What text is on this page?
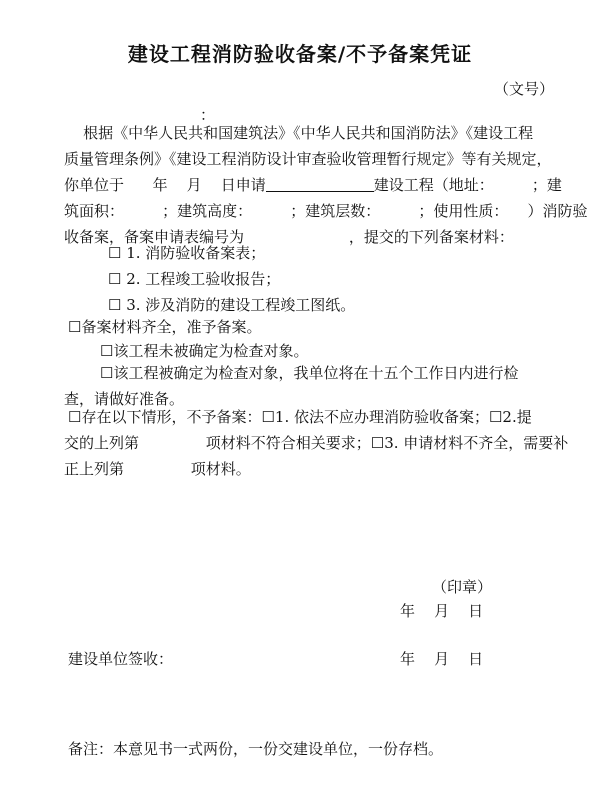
建设工程消防验收备案/不予备案凭证
（文号）
：
根据《中华人民共和国建筑法》《中华人民共和国消防法》《建设工程
质量管理条例》《建设工程消防设计审查验收管理暂行规定》等有关规定，
你单位于      年    月    日申请	建设工程（地址：        ；建
筑面积：        ；建筑高度：        ；建筑层数：        ；使用性质：    ）消防验
收备案，备案申请表编号为                      ，提交的下列备案材料：
☐ 1. 消防验收备案表；
☐ 2. 工程竣工验收报告；
☐ 3. 涉及消防的建设工程竣工图纸。
☐备案材料齐全，准予备案。
☐该工程未被确定为检查对象。
☐该工程被确定为检查对象，我单位将在十五个工作日内进行检
查，请做好准备。
☐存在以下情形，不予备案：☐1. 依法不应办理消防验收备案；☐2.提
交的上列第              项材料不符合相关要求；☐3. 申请材料不齐全，需要补
正上列第              项材料。
（印章）
年    月    日
建设单位签收：	年    月    日
备注：本意见书一式两份，一份交建设单位，一份存档。
